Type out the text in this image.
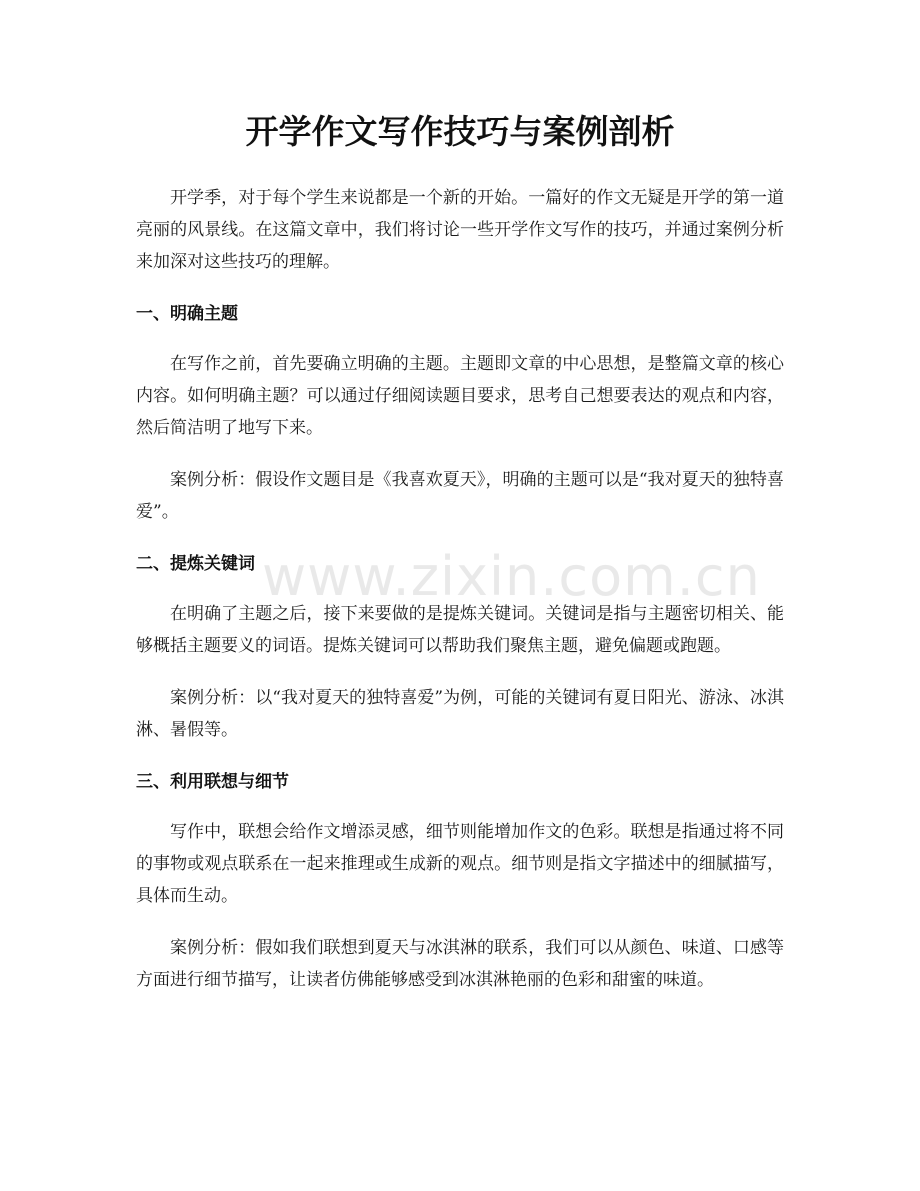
开学作文写作技巧与案例剖析

开学季，对于每个学生来说都是一个新的开始。一篇好的作文无疑是开学的第一道亮丽的风景线。在这篇文章中，我们将讨论一些开学作文写作的技巧，并通过案例分析来加深对这些技巧的理解。

一、明确主题

在写作之前，首先要确立明确的主题。主题即文章的中心思想，是整篇文章的核心内容。如何明确主题？可以通过仔细阅读题目要求，思考自己想要表达的观点和内容，然后简洁明了地写下来。

案例分析：假设作文题目是《我喜欢夏天》，明确的主题可以是“我对夏天的独特喜爱”。

二、提炼关键词

在明确了主题之后，接下来要做的是提炼关键词。关键词是指与主题密切相关、能够概括主题要义的词语。提炼关键词可以帮助我们聚焦主题，避免偏题或跑题。

案例分析：以“我对夏天的独特喜爱”为例，可能的关键词有夏日阳光、游泳、冰淇淋、暑假等。

三、利用联想与细节

写作中，联想会给作文增添灵感，细节则能增加作文的色彩。联想是指通过将不同的事物或观点联系在一起来推理或生成新的观点。细节则是指文字描述中的细腻描写，具体而生动。

案例分析：假如我们联想到夏天与冰淇淋的联系，我们可以从颜色、味道、口感等方面进行细节描写，让读者仿佛能够感受到冰淇淋艳丽的色彩和甜蜜的味道。

www.zixin.com.cn
